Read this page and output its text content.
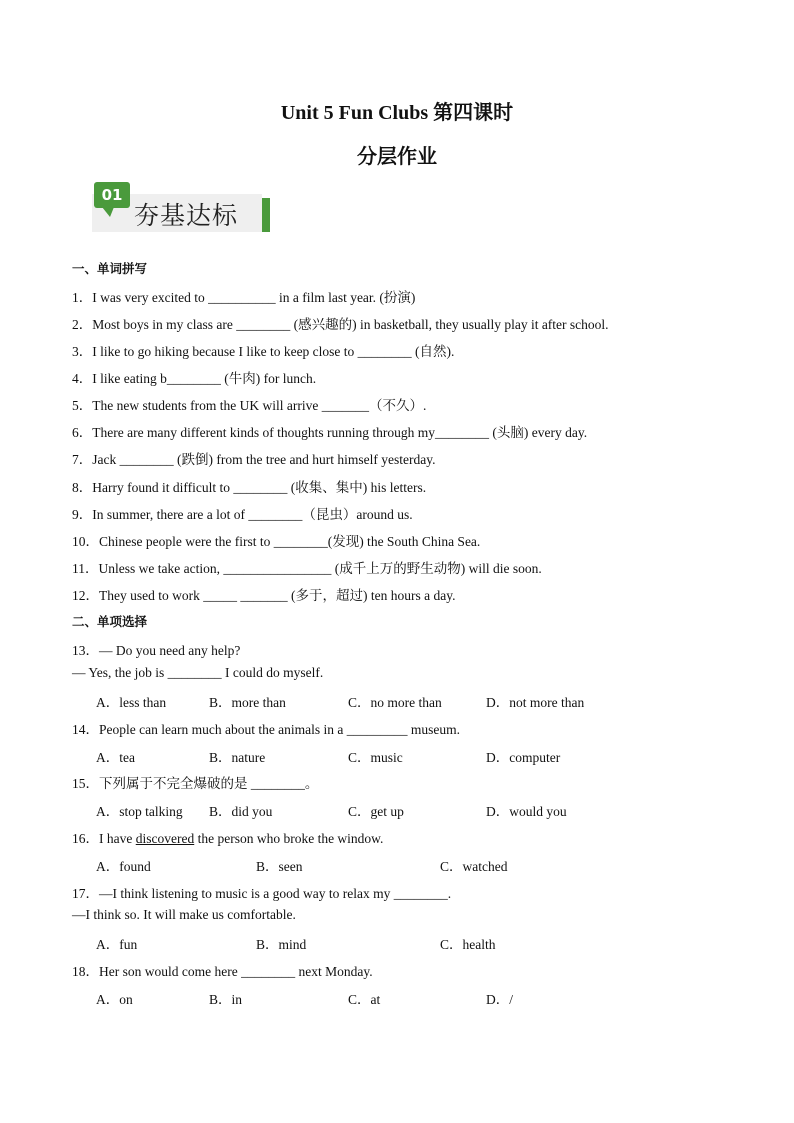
Unit 5 Fun Clubs 第四课时
分层作业
01
夯基达标
一、单词拼写
1．I was very excited to __________ in a film last year. (扮演)
2．Most boys in my class are ________ (感兴趣的) in basketball, they usually play it after school.
3．I like to go hiking because I like to keep close to ________ (自然).
4．I like eating b________ (牛肉) for lunch.
5．The new students from the UK will arrive _______（不久）.
6．There are many different kinds of thoughts running through my________ (头脑) every day.
7．Jack ________ (跌倒) from the tree and hurt himself yesterday.
8．Harry found it difficult to ________ (收集、集中) his letters.
9．In summer, there are a lot of ________（昆虫）around us.
10．Chinese people were the first to ________(发现) the South China Sea.
11．Unless we take action, ________________ (成千上万的野生动物) will die soon.
12．They used to work _____ _______ (多于，超过) ten hours a day.
二、单项选择
13．— Do you need any help?
— Yes, the job is ________ I could do myself.
A．less than	B．more than	C．no more than	D．not more than
14．People can learn much about the animals in a _________ museum.
A．tea	B．nature	C．music	D．computer
15．下列属于不完全爆破的是 ________。
A．stop talking B．did you	C．get up	D．would you
16．I have discovered the person who broke the window.
A．found	B．seen	C．watched
17．—I think listening to music is a good way to relax my ________.
—I think so. It will make us comfortable.
A．fun	B．mind	C．health
18．Her son would come here ________ next Monday.
A．on	B．in	C．at	D．/
